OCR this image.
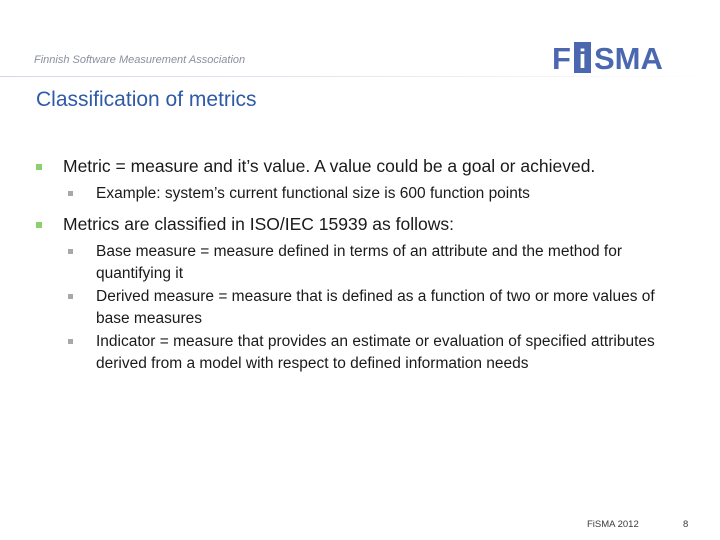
Finnish Software Measurement Association	F i SMA
Classification of metrics
Metric = measure and it’s value. A value could be a goal or achieved.
Example: system’s current functional size is 600 function points
Metrics are classified in ISO/IEC 15939 as follows:
Base measure = measure defined in terms of an attribute and the method for quantifying it
Derived measure = measure that is defined as a function of two or more values of base measures
Indicator = measure that provides an estimate or evaluation of specified attributes derived from a model with respect to defined information needs
FiSMA 2012	8
